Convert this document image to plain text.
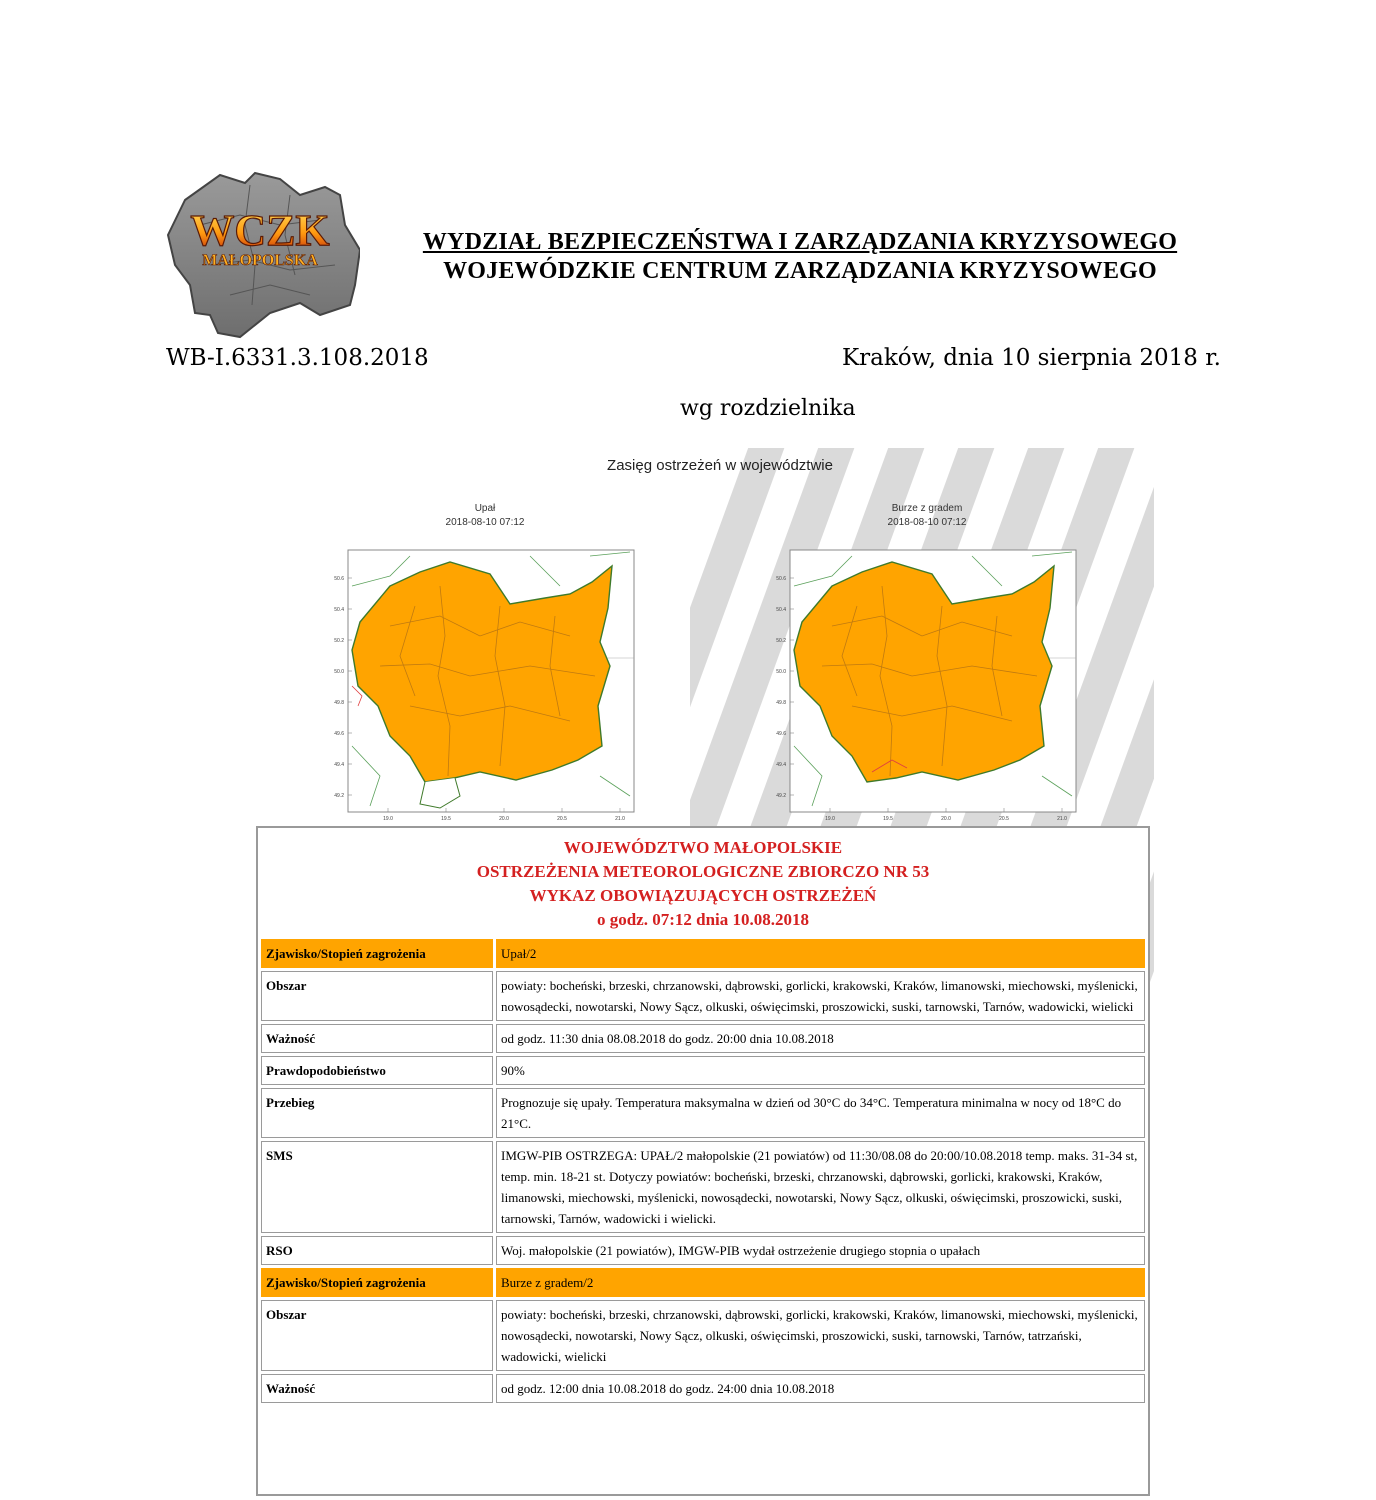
WCZK
MAŁOPOLSKA
WYDZIAŁ BEZPIECZEŃSTWA I ZARZĄDZANIA KRYZYSOWEGO
WOJEWÓDZKIE CENTRUM ZARZĄDZANIA KRYZYSOWEGO
WB-I.6331.3.108.2018	Kraków, dnia 10 sierpnia 2018 r.
wg rozdzielnika
Zasięg ostrzeżeń w województwie
Upał
2018-08-10 07:12
50.6
50.4
50.2
50.0
49.8
49.6
49.4
49.2
19.0	19.5	20.0	20.5	21.0
Burze z gradem
2018-08-10 07:12
50.6
50.4
50.2
50.0
49.8
49.6
49.4
49.2
19.0	19.5	20.0	20.5	21.0
WOJEWÓDZTWO MAŁOPOLSKIE
OSTRZEŻENIA METEOROLOGICZNE ZBIORCZO NR 53
WYKAZ OBOWIĄZUJĄCYCH OSTRZEŻEŃ
o godz. 07:12 dnia 10.08.2018
Zjawisko/Stopień zagrożenia	Upał/2
Obszar	powiaty: bocheński, brzeski, chrzanowski, dąbrowski, gorlicki, krakowski, Kraków, limanowski, miechowski, myślenicki, nowosądecki, nowotarski, Nowy Sącz, olkuski, oświęcimski, proszowicki, suski, tarnowski, Tarnów, wadowicki, wielicki
Ważność	od godz. 11:30 dnia 08.08.2018 do godz. 20:00 dnia 10.08.2018
Prawdopodobieństwo	90%
Przebieg	Prognozuje się upały. Temperatura maksymalna w dzień od 30°C do 34°C. Temperatura minimalna w nocy od 18°C do 21°C.
SMS	IMGW-PIB OSTRZEGA: UPAŁ/2 małopolskie (21 powiatów) od 11:30/08.08 do 20:00/10.08.2018 temp. maks. 31-34 st, temp. min. 18-21 st. Dotyczy powiatów: bocheński, brzeski, chrzanowski, dąbrowski, gorlicki, krakowski, Kraków, limanowski, miechowski, myślenicki, nowosądecki, nowotarski, Nowy Sącz, olkuski, oświęcimski, proszowicki, suski, tarnowski, Tarnów, wadowicki i wielicki.
RSO	Woj. małopolskie (21 powiatów), IMGW-PIB wydał ostrzeżenie drugiego stopnia o upałach
Zjawisko/Stopień zagrożenia	Burze z gradem/2
Obszar	powiaty: bocheński, brzeski, chrzanowski, dąbrowski, gorlicki, krakowski, Kraków, limanowski, miechowski, myślenicki, nowosądecki, nowotarski, Nowy Sącz, olkuski, oświęcimski, proszowicki, suski, tarnowski, Tarnów, tatrzański, wadowicki, wielicki
Ważność	od godz. 12:00 dnia 10.08.2018 do godz. 24:00 dnia 10.08.2018
